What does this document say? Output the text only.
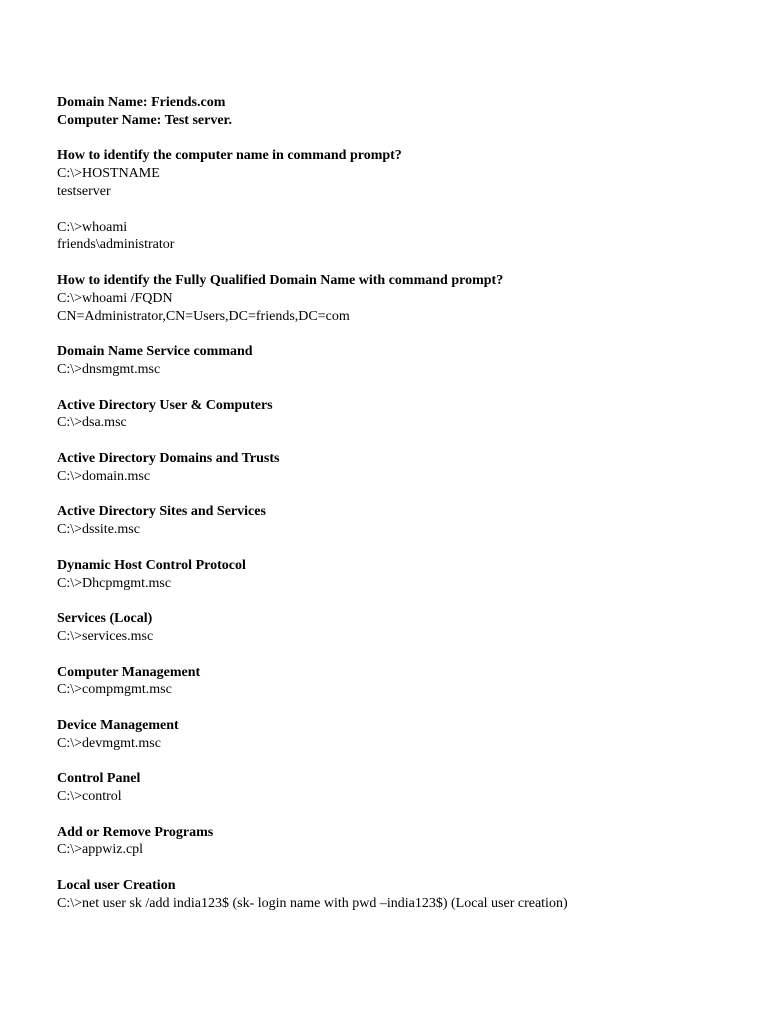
Domain Name: Friends.com
Computer Name: Test server.
How to identify the computer name in command prompt?
C:\>HOSTNAME
testserver
C:\>whoami
friends\administrator
How to identify the Fully Qualified Domain Name with command prompt?
C:\>whoami /FQDN
CN=Administrator,CN=Users,DC=friends,DC=com
Domain Name Service command
C:\>dnsmgmt.msc
Active Directory User & Computers
C:\>dsa.msc
Active Directory Domains and Trusts
C:\>domain.msc
Active Directory Sites and Services
C:\>dssite.msc
Dynamic Host Control Protocol
C:\>Dhcpmgmt.msc
Services (Local)
C:\>services.msc
Computer Management
C:\>compmgmt.msc
Device Management
C:\>devmgmt.msc
Control Panel
C:\>control
Add or Remove Programs
C:\>appwiz.cpl
Local user Creation
C:\>net user sk /add india123$ (sk- login name with pwd –india123$) (Local user creation)
